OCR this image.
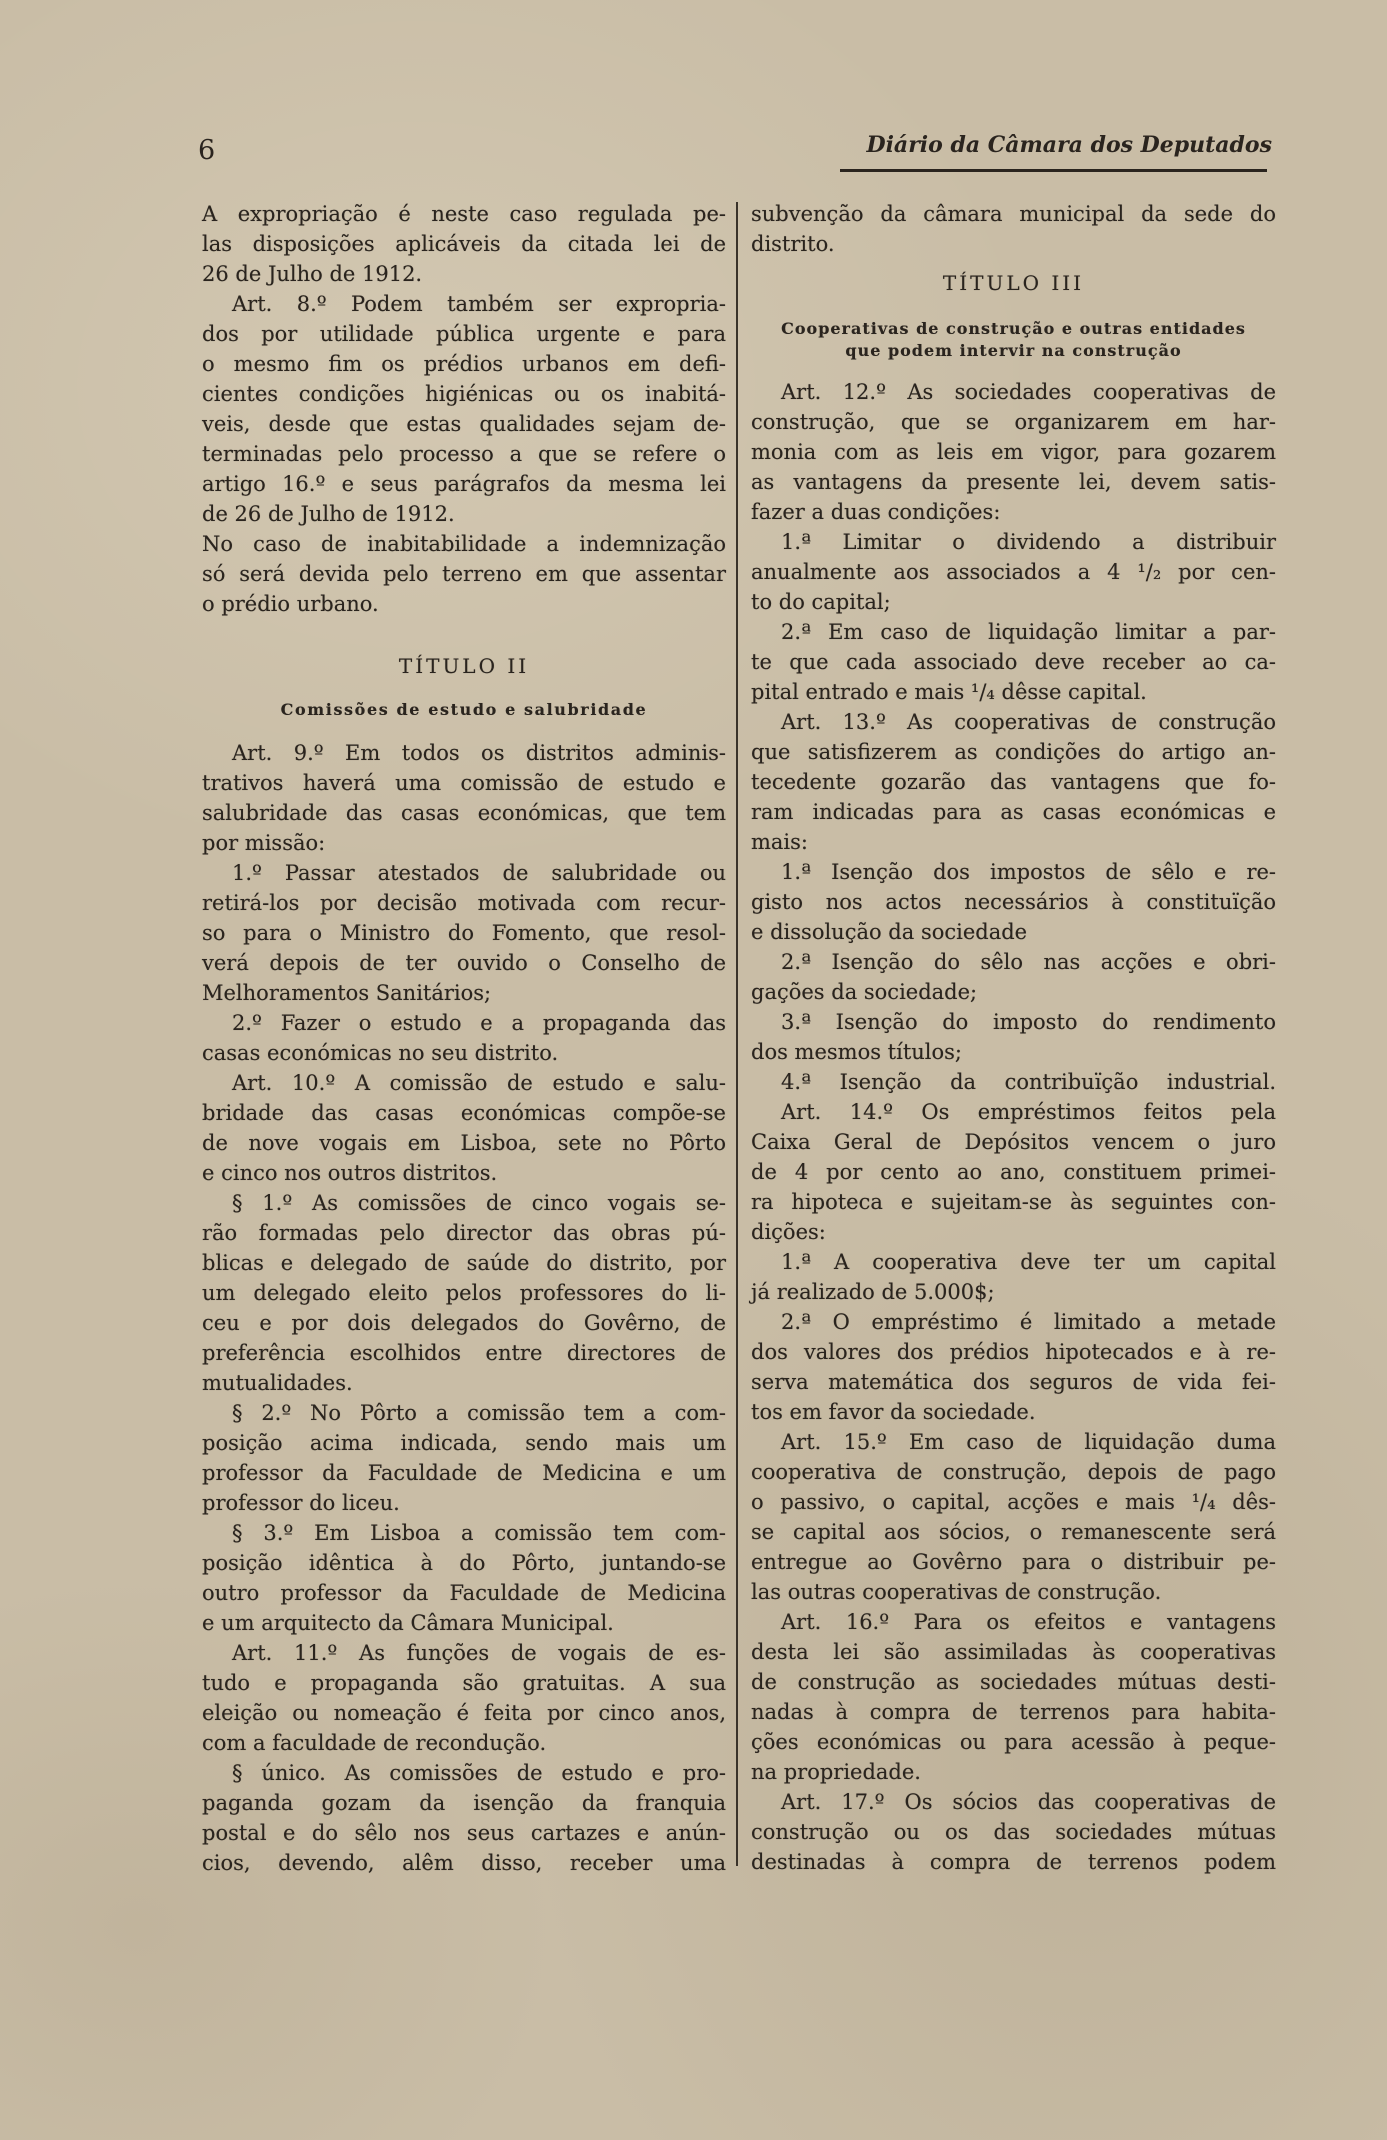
6	Diário da Câmara dos Deputados
A expropriação é neste caso regulada pe-
las disposições aplicáveis da citada lei de
26 de Julho de 1912.
Art. 8.º Podem também ser expropria-
dos por utilidade pública urgente e para
o mesmo fim os prédios urbanos em defi-
cientes condições higiénicas ou os inabitá-
veis, desde que estas qualidades sejam de-
terminadas pelo processo a que se refere o
artigo 16.º e seus parágrafos da mesma lei
de 26 de Julho de 1912.
No caso de inabitabilidade a indemnização
só será devida pelo terreno em que assentar
o prédio urbano.
TÍTULO II
Comissões de estudo e salubridade
Art. 9.º Em todos os distritos adminis-
trativos haverá uma comissão de estudo e
salubridade das casas económicas, que tem
por missão:
1.º Passar atestados de salubridade ou
retirá-los por decisão motivada com recur-
so para o Ministro do Fomento, que resol-
verá depois de ter ouvido o Conselho de
Melhoramentos Sanitários;
2.º Fazer o estudo e a propaganda das
casas económicas no seu distrito.
Art. 10.º A comissão de estudo e salu-
bridade das casas económicas compõe-se
de nove vogais em Lisboa, sete no Pôrto
e cinco nos outros distritos.
§ 1.º As comissões de cinco vogais se-
rão formadas pelo director das obras pú-
blicas e delegado de saúde do distrito, por
um delegado eleito pelos professores do li-
ceu e por dois delegados do Govêrno, de
preferência escolhidos entre directores de
mutualidades.
§ 2.º No Pôrto a comissão tem a com-
posição acima indicada, sendo mais um
professor da Faculdade de Medicina e um
professor do liceu.
§ 3.º Em Lisboa a comissão tem com-
posição idêntica à do Pôrto, juntando-se
outro professor da Faculdade de Medicina
e um arquitecto da Câmara Municipal.
Art. 11.º As funções de vogais de es-
tudo e propaganda são gratuitas. A sua
eleição ou nomeação é feita por cinco anos,
com a faculdade de recondução.
§ único. As comissões de estudo e pro-
paganda gozam da isenção da franquia
postal e do sêlo nos seus cartazes e anún-
cios, devendo, alêm disso, receber uma
subvenção da câmara municipal da sede do
distrito.
TÍTULO III
Cooperativas de construção e outras entidades
que podem intervir na construção
Art. 12.º As sociedades cooperativas de
construção, que se organizarem em har-
monia com as leis em vigor, para gozarem
as vantagens da presente lei, devem satis-
fazer a duas condições:
1.ª Limitar o dividendo a distribuir
anualmente aos associados a 4 ¹/₂ por cen-
to do capital;
2.ª Em caso de liquidação limitar a par-
te que cada associado deve receber ao ca-
pital entrado e mais ¹/₄ dêsse capital.
Art. 13.º As cooperativas de construção
que satisfizerem as condições do artigo an-
tecedente gozarão das vantagens que fo-
ram indicadas para as casas económicas e
mais:
1.ª Isenção dos impostos de sêlo e re-
gisto nos actos necessários à constituïção
e dissolução da sociedade
2.ª Isenção do sêlo nas acções e obri-
gações da sociedade;
3.ª Isenção do imposto do rendimento
dos mesmos títulos;
4.ª Isenção da contribuïção industrial.
Art. 14.º Os empréstimos feitos pela
Caixa Geral de Depósitos vencem o juro
de 4 por cento ao ano, constituem primei-
ra hipoteca e sujeitam-se às seguintes con-
dições:
1.ª A cooperativa deve ter um capital
já realizado de 5.000$;
2.ª O empréstimo é limitado a metade
dos valores dos prédios hipotecados e à re-
serva matemática dos seguros de vida fei-
tos em favor da sociedade.
Art. 15.º Em caso de liquidação duma
cooperativa de construção, depois de pago
o passivo, o capital, acções e mais ¹/₄ dês-
se capital aos sócios, o remanescente será
entregue ao Govêrno para o distribuir pe-
las outras cooperativas de construção.
Art. 16.º Para os efeitos e vantagens
desta lei são assimiladas às cooperativas
de construção as sociedades mútuas desti-
nadas à compra de terrenos para habita-
ções económicas ou para acessão à peque-
na propriedade.
Art. 17.º Os sócios das cooperativas de
construção ou os das sociedades mútuas
destinadas à compra de terrenos podem
